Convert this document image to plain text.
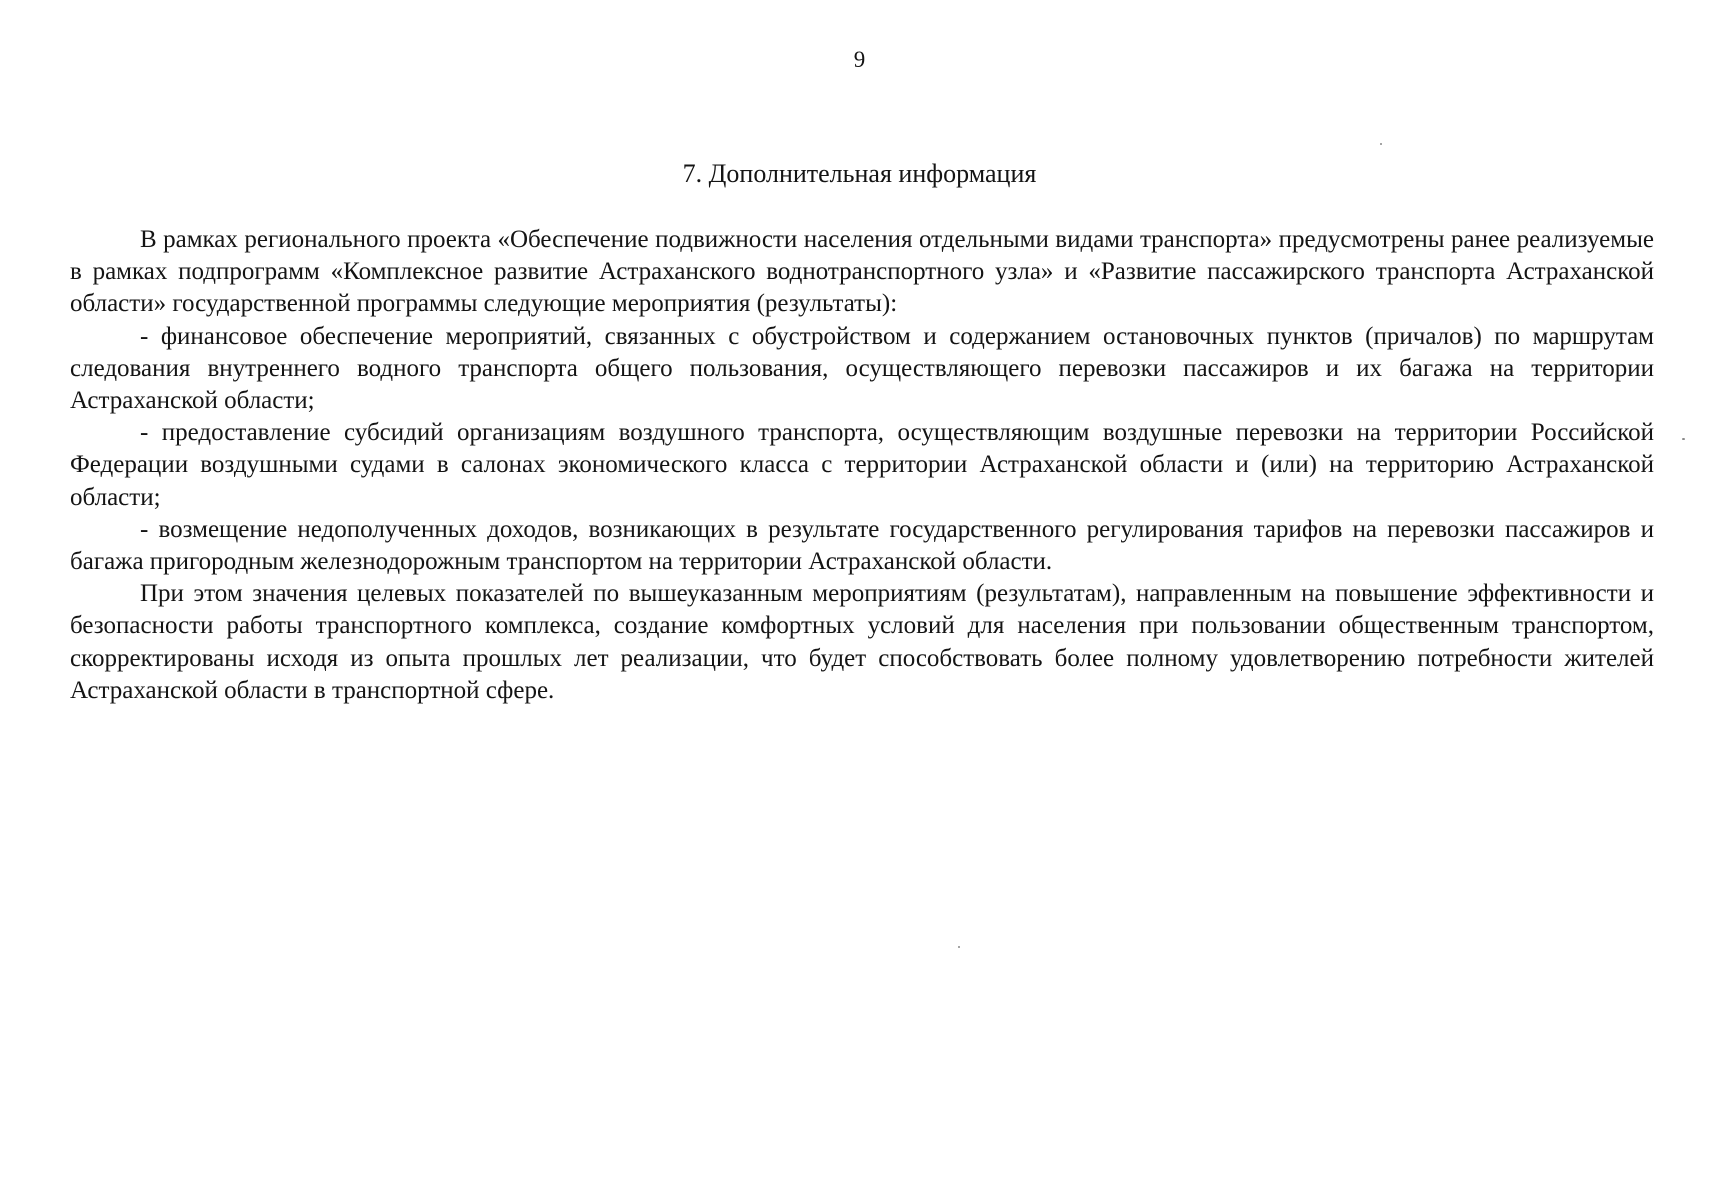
9
7. Дополнительная информация
В рамках регионального проекта «Обеспечение подвижности населения отдельными видами транспорта» предусмотрены ранее реализуемые в рамках подпрограмм «Комплексное развитие Астраханского воднотранспортного узла» и «Развитие пассажирского транспорта Астраханской области» государственной программы следующие мероприятия (результаты):
- финансовое обеспечение мероприятий, связанных с обустройством и содержанием остановочных пунктов (причалов) по маршрутам следования внутреннего водного транспорта общего пользования, осуществляющего перевозки пассажиров и их багажа на территории Астраханской области;
- предоставление субсидий организациям воздушного транспорта, осуществляющим воздушные перевозки на территории Российской Федерации воздушными судами в салонах экономического класса с территории Астраханской области и (или) на территорию Астраханской области;
- возмещение недополученных доходов, возникающих в результате государственного регулирования тарифов на перевозки пассажиров и багажа пригородным железнодорожным транспортом на территории Астраханской области.
При этом значения целевых показателей по вышеуказанным мероприятиям (результатам), направленным на повышение эффективности и безопасности работы транспортного комплекса, создание комфортных условий для населения при пользовании общественным транспортом, скорректированы исходя из опыта прошлых лет реализации, что будет способствовать более полному удовлетворению потребности жителей Астраханской области в транспортной сфере.
